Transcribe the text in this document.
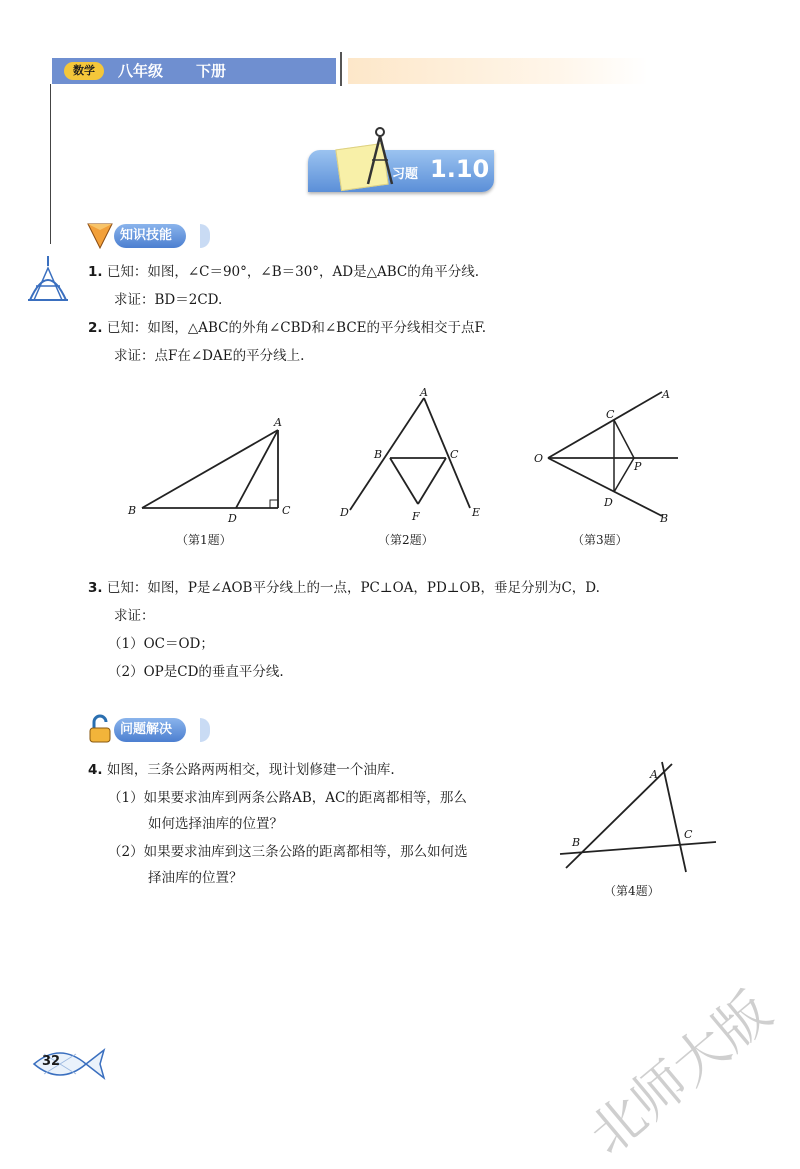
数学	八年级 下册
习题 1.10
知识技能
1. 已知：如图，∠C＝90°，∠B＝30°，AD是△ABC的角平分线.
求证：BD＝2CD.
2. 已知：如图，△ABC的外角∠CBD和∠BCE的平分线相交于点F.
求证：点F在∠DAE的平分线上.
A
B	C
D
（第1题）
A
B	C
D	E
F
（第2题）
A
B
C
D
O
P
（第3题）
3. 已知：如图，P是∠AOB平分线上的一点，PC⊥OA，PD⊥OB，垂足分别为C，D.
求证：
（1）OC＝OD；
（2）OP是CD的垂直平分线.
问题解决
4. 如图，三条公路两两相交，现计划修建一个油库.
（1）如果要求油库到两条公路AB，AC的距离都相等，那么
如何选择油库的位置？
（2）如果要求油库到这三条公路的距离都相等，那么如何选
择油库的位置？
A
B
C
（第4题）
32	北师大版
